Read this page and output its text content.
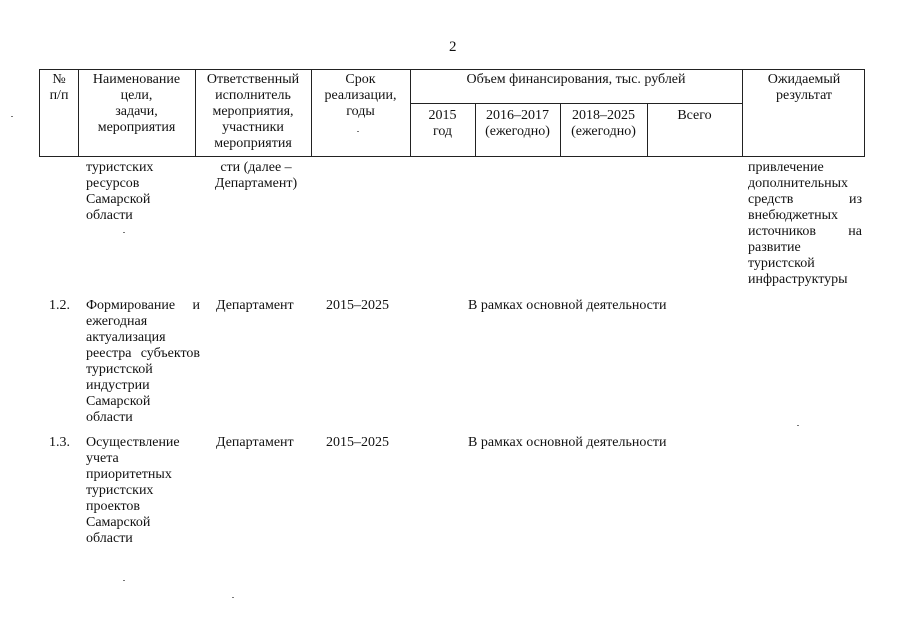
2
№
п/п
Наименование
цели,
задачи,
мероприятия
Ответственный
исполнитель
мероприятия,
участники
мероприятия
Срок
реализации,
годы
Объем финансирования, тыс. рублей
2015
год
2016–2017
(ежегодно)
2018–2025
(ежегодно)
Всего
Ожидаемый
результат
туристских ресурсов Самарской области
сти (далее –
Департамент)
привлечение дополнительных средств из внебюджетных источников на развитие туристской инфраструктуры
1.2. Формирование и ежегодная актуализация реестра субъектов туристской индустрии Самарской области
Департамент 2015–2025	В рамках основной деятельности
1.3. Осуществление учета приоритетных туристских проектов Самарской области
Департамент 2015–2025	В рамках основной деятельности
